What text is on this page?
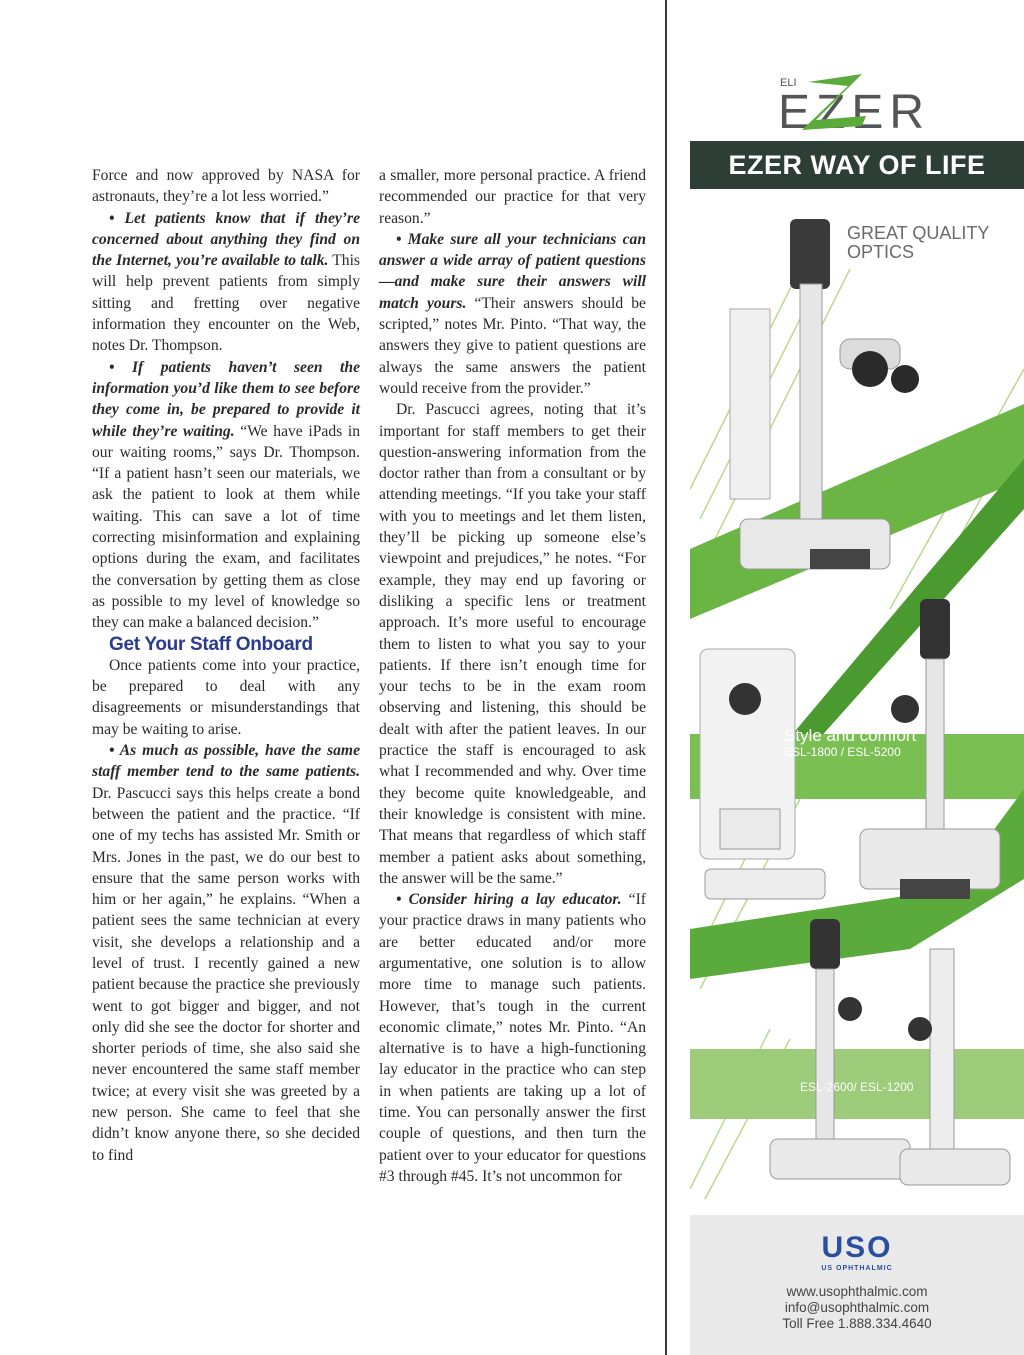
Force and now approved by NASA for astronauts, they’re a lot less worried.”

• Let patients know that if they’re concerned about anything they find on the Internet, you’re available to talk. This will help prevent patients from simply sitting and fretting over negative information they encounter on the Web, notes Dr. Thompson.

• If patients haven’t seen the information you’d like them to see before they come in, be prepared to provide it while they’re waiting. “We have iPads in our waiting rooms,” says Dr. Thompson. “If a patient hasn’t seen our materials, we ask the patient to look at them while waiting. This can save a lot of time correcting misinformation and explaining options during the exam, and facilitates the conversation by getting them as close as possible to my level of knowledge so they can make a balanced decision.”

Get Your Staff Onboard

Once patients come into your practice, be prepared to deal with any disagreements or misunderstandings that may be waiting to arise.

• As much as possible, have the same staff member tend to the same patients. Dr. Pascucci says this helps create a bond between the patient and the practice. “If one of my techs has assisted Mr. Smith or Mrs. Jones in the past, we do our best to ensure that the same person works with him or her again,” he explains. “When a patient sees the same technician at every visit, she develops a relationship and a level of trust. I recently gained a new patient because the practice she previously went to got bigger and bigger, and not only did she see the doctor for shorter and shorter periods of time, she also said she never encountered the same staff member twice; at every visit she was greeted by a new person. She came to feel that she didn’t know anyone there, so she decided to find

a smaller, more personal practice. A friend recommended our practice for that very reason.”

• Make sure all your technicians can answer a wide array of patient questions—and make sure their answers will match yours. “Their answers should be scripted,” notes Mr. Pinto. “That way, the answers they give to patient questions are always the same answers the patient would receive from the provider.”

Dr. Pascucci agrees, noting that it’s important for staff members to get their question-answering information from the doctor rather than from a consultant or by attending meetings. “If you take your staff with you to meetings and let them listen, they’ll be picking up someone else’s viewpoint and prejudices,” he notes. “For example, they may end up favoring or disliking a specific lens or treatment approach. It’s more useful to encourage them to listen to what you say to your patients. If there isn’t enough time for your techs to be in the exam room observing and listening, this should be dealt with after the patient leaves. In our practice the staff is encouraged to ask what I recommended and why. Over time they become quite knowledgeable, and their knowledge is consistent with mine. That means that regardless of which staff member a patient asks about something, the answer will be the same.”

• Consider hiring a lay educator. “If your practice draws in many patients who are better educated and/or more argumentative, one solution is to allow more time to manage such patients. However, that’s tough in the current economic climate,” notes Mr. Pinto. “An alternative is to have a high-functioning lay educator in the practice who can step in when patients are taking up a lot of time. You can personally answer the first couple of questions, and then turn the patient over to your educator for questions #3 through #45. It’s not uncommon for

ELI
EZER
EZER WAY OF LIFE
GREAT QUALITY OPTICS
Latest Technology
ESL-7800
Style and comfort
ESL-1800 / ESL-5200
ESL-2600/ ESL-1200
USO
US OPHTHALMIC
www.usophthalmic.com
info@usophthalmic.com
Toll Free 1.888.334.4640
